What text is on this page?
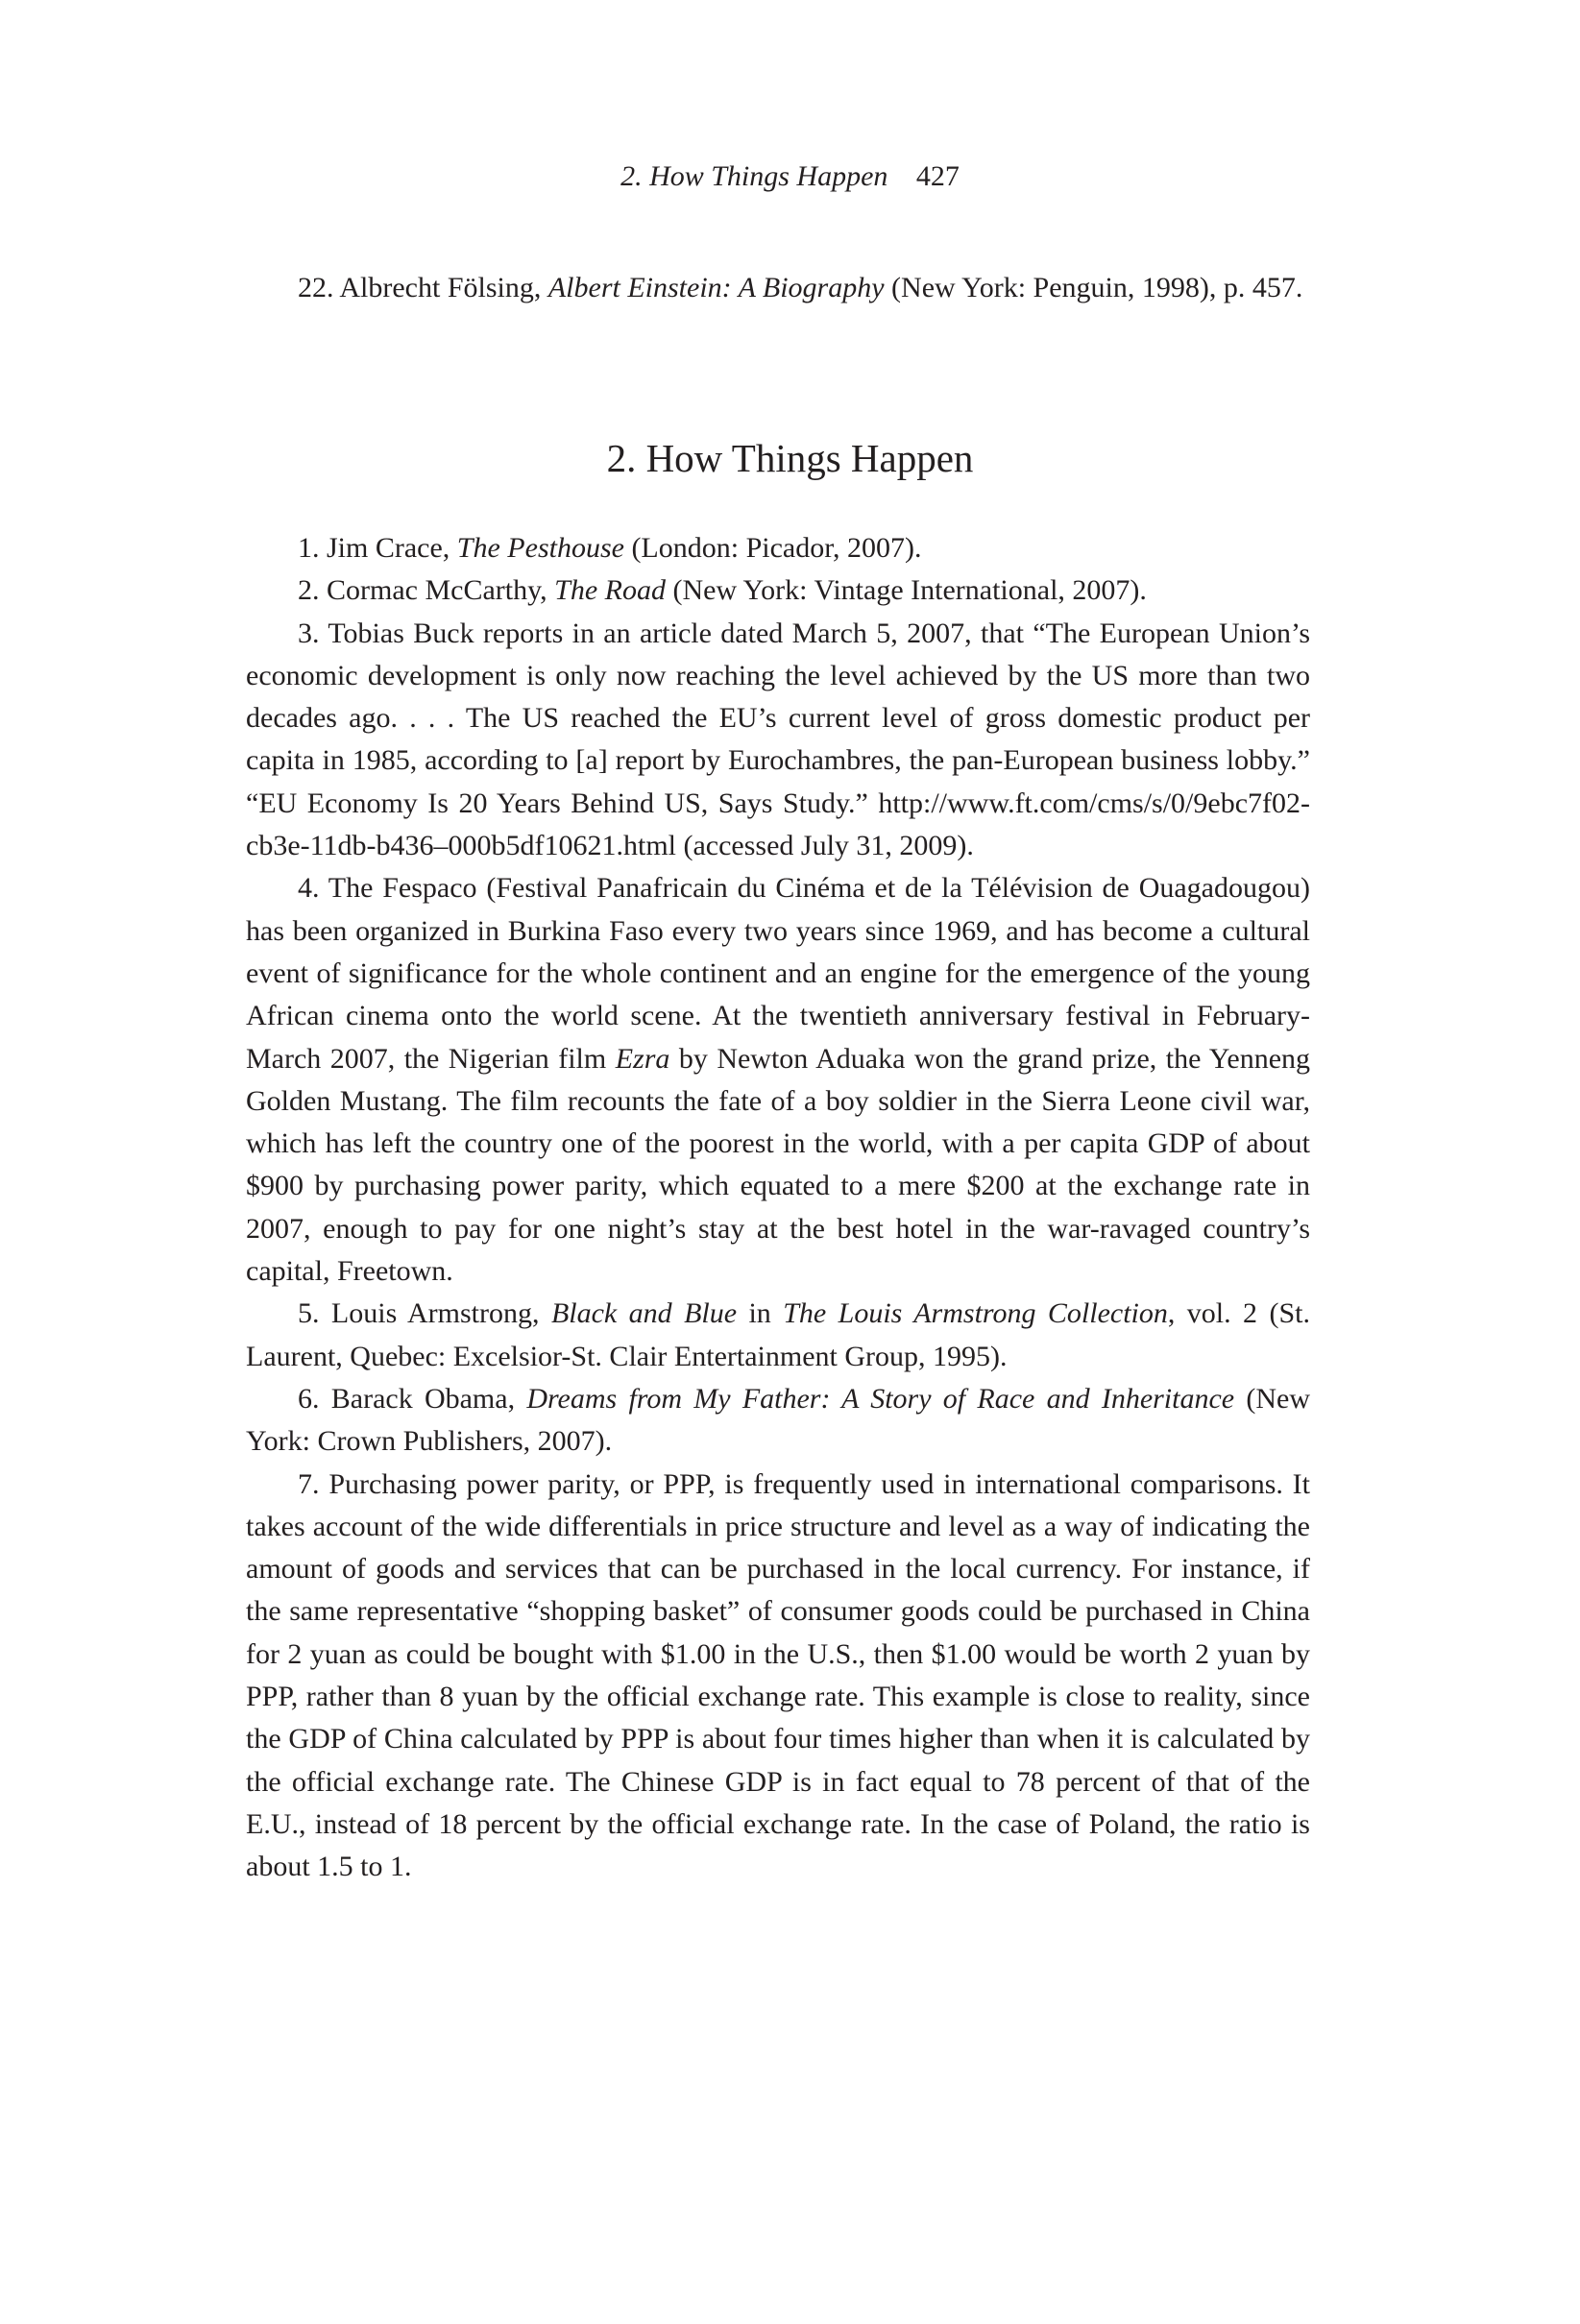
2. How Things Happen 427

22. Albrecht Fölsing, Albert Einstein: A Biography (New York: Penguin, 1998), p. 457.

2. How Things Happen

1. Jim Crace, The Pesthouse (London: Picador, 2007).

2. Cormac McCarthy, The Road (New York: Vintage International, 2007).

3. Tobias Buck reports in an article dated March 5, 2007, that “The European Union’s economic development is only now reaching the level achieved by the US more than two decades ago. . . . The US reached the EU’s current level of gross domestic product per capita in 1985, according to [a] report by Eurochambres, the pan-European business lobby.” “EU Economy Is 20 Years Behind US, Says Study.” http://www.ft.com/cms/s/0/9ebc7f02-cb3e-11db-b436–000b5df10621.html (accessed July 31, 2009).

4. The Fespaco (Festival Panafricain du Cinéma et de la Télévision de Ouagadougou) has been organized in Burkina Faso every two years since 1969, and has become a cultural event of significance for the whole continent and an engine for the emergence of the young African cinema onto the world scene. At the twentieth anniversary festival in February-March 2007, the Nigerian film Ezra by Newton Aduaka won the grand prize, the Yenneng Golden Mustang. The film recounts the fate of a boy soldier in the Sierra Leone civil war, which has left the country one of the poorest in the world, with a per capita GDP of about $900 by purchasing power parity, which equated to a mere $200 at the exchange rate in 2007, enough to pay for one night’s stay at the best hotel in the war-ravaged country’s capital, Freetown.

5. Louis Armstrong, Black and Blue in The Louis Armstrong Collection, vol. 2 (St. Laurent, Quebec: Excelsior-St. Clair Entertainment Group, 1995).

6. Barack Obama, Dreams from My Father: A Story of Race and Inheritance (New York: Crown Publishers, 2007).

7. Purchasing power parity, or PPP, is frequently used in international comparisons. It takes account of the wide differentials in price structure and level as a way of indicating the amount of goods and services that can be purchased in the local currency. For instance, if the same representative “shopping basket” of consumer goods could be purchased in China for 2 yuan as could be bought with $1.00 in the U.S., then $1.00 would be worth 2 yuan by PPP, rather than 8 yuan by the official exchange rate. This example is close to reality, since the GDP of China calculated by PPP is about four times higher than when it is calculated by the official exchange rate. The Chinese GDP is in fact equal to 78 percent of that of the E.U., instead of 18 percent by the official exchange rate. In the case of Poland, the ratio is about 1.5 to 1.
